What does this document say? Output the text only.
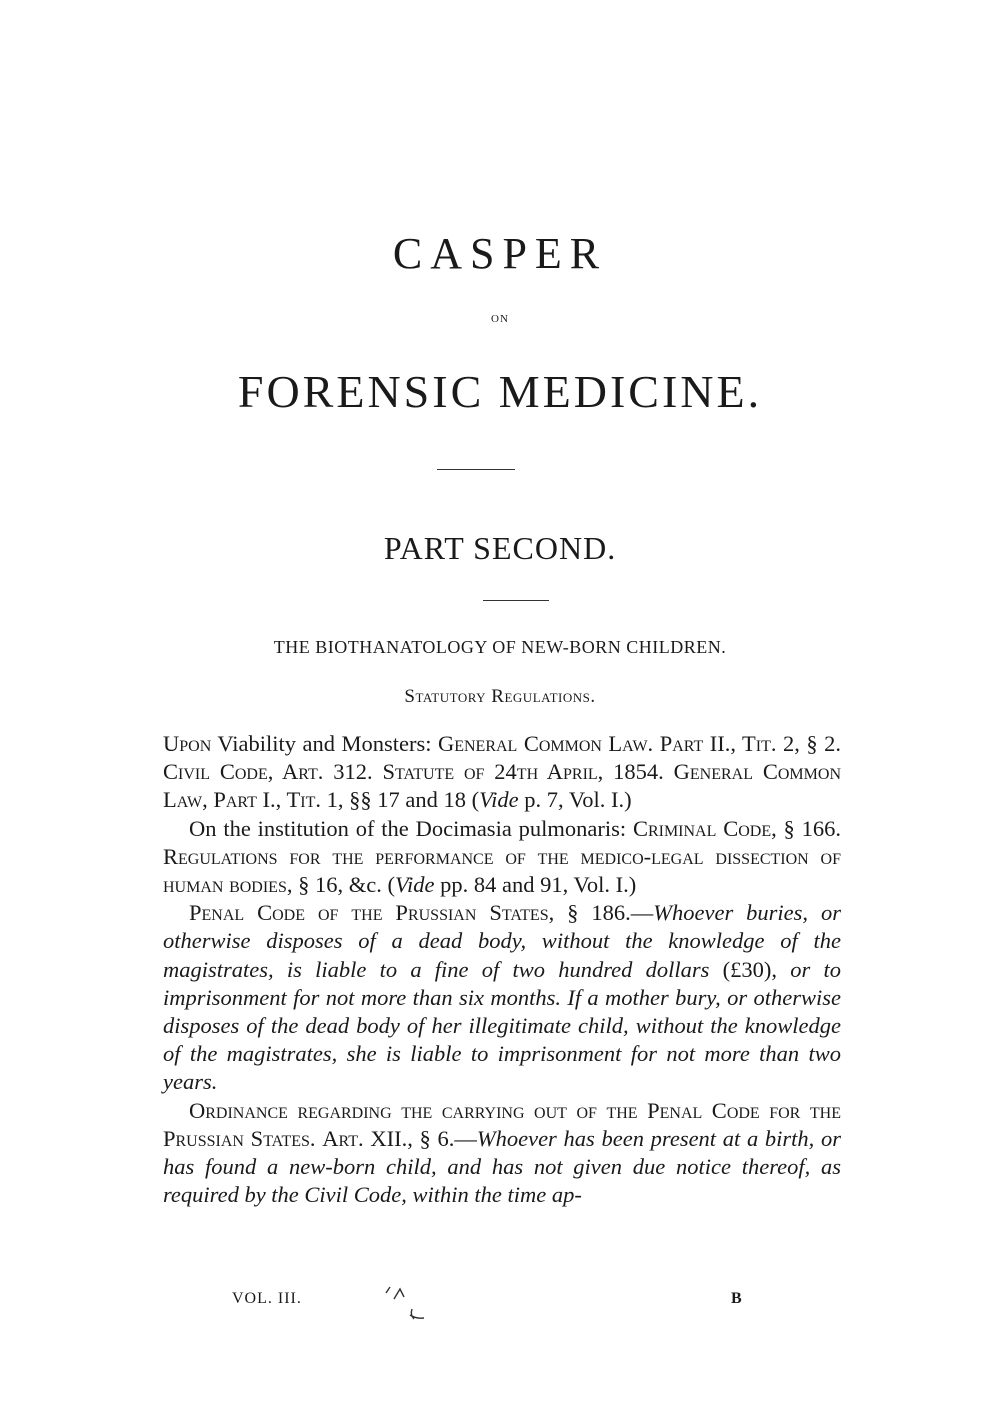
CASPER
ON
FORENSIC MEDICINE.
PART SECOND.
THE BIOTHANATOLOGY OF NEW-BORN CHILDREN.
Statutory Regulations.

Upon Viability and Monsters: General Common Law. Part II., Tit. 2, § 2. Civil Code, Art. 312. Statute of 24th April, 1854. General Common Law, Part I., Tit. 1, §§ 17 and 18 (Vide p. 7, Vol. I.)

On the institution of the Docimasia pulmonaris: Criminal Code, § 166. Regulations for the performance of the medico-legal dissection of human bodies, § 16, &c. (Vide pp. 84 and 91, Vol. I.)

Penal Code of the Prussian States, § 186.—Whoever buries, or otherwise disposes of a dead body, without the knowledge of the magistrates, is liable to a fine of two hundred dollars (£30), or to imprisonment for not more than six months. If a mother bury, or otherwise disposes of the dead body of her illegitimate child, without the knowledge of the magistrates, she is liable to imprisonment for not more than two years.

Ordinance regarding the carrying out of the Penal Code for the Prussian States. Art. XII., § 6.—Whoever has been present at a birth, or has found a new-born child, and has not given due notice thereof, as required by the Civil Code, within the time ap-

VOL. III.	B
